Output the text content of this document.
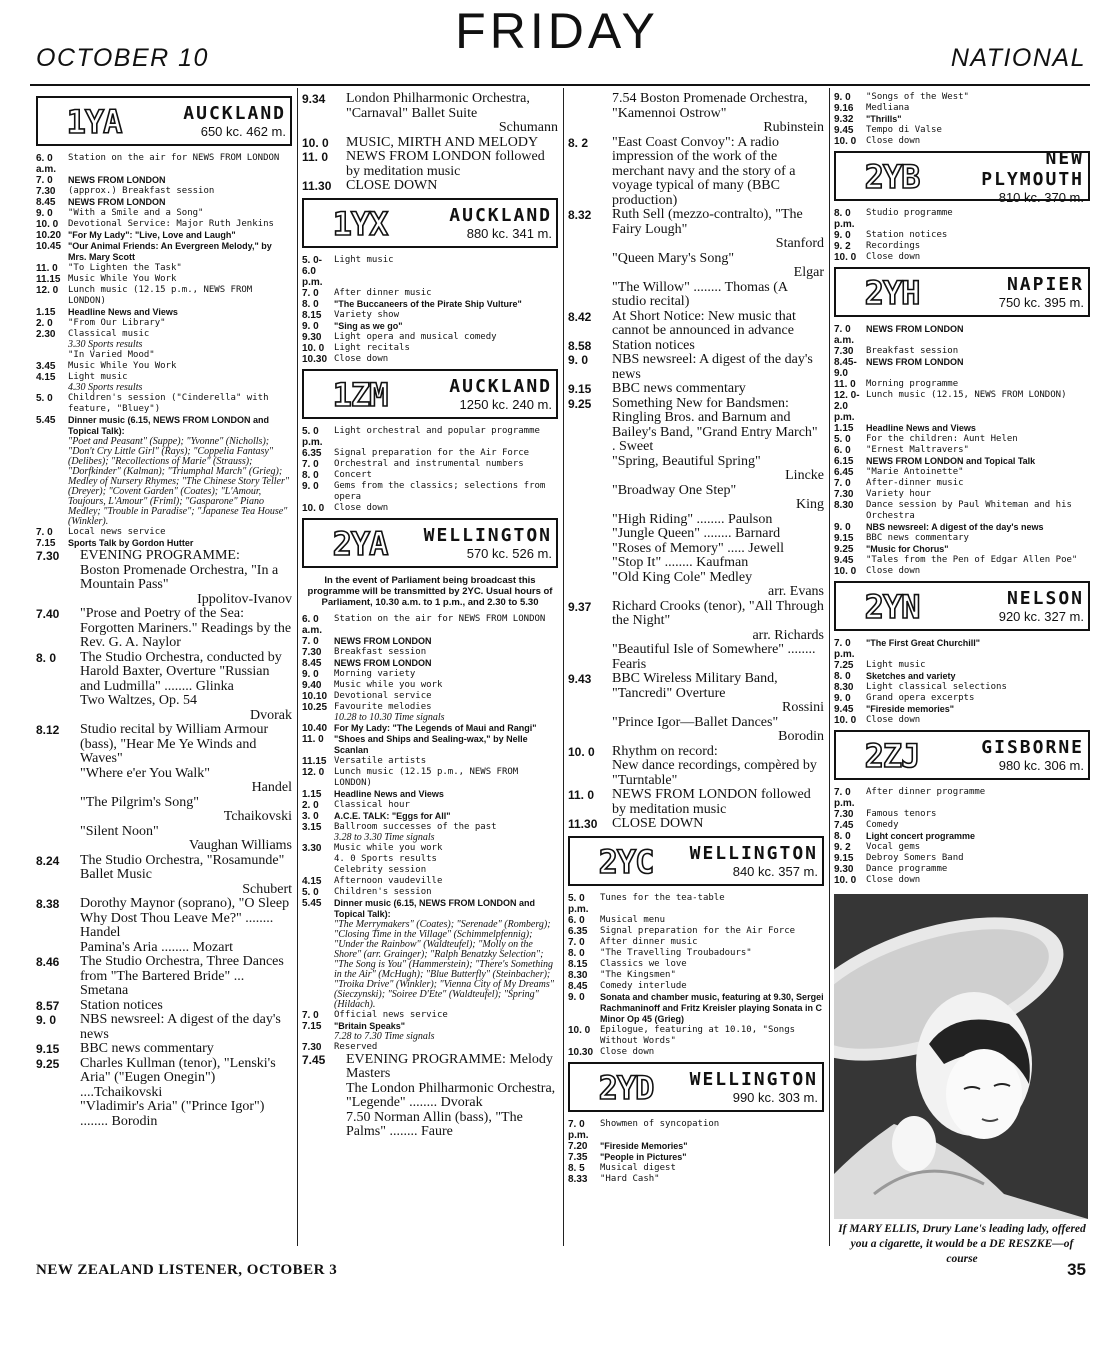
OCTOBER 10	FRIDAY	NATIONAL
1YA	AUCKLAND
650 kc. 462 m.
6. 0 a.m.
Station on the air for NEWS FROM LONDON
7. 0	NEWS FROM LONDON
7.30	(approx.) Breakfast session
8.45	NEWS FROM LONDON
9. 0	"With a Smile and a Song"
10. 0	Devotional Service: Major Ruth Jenkins
10.20 "For My Lady": "Live, Love and Laugh"
10.45 "Our Animal Friends: An Evergreen Melody," by Mrs. Mary Scott
11. 0	"To Lighten the Task"
11.15 Music While You Work
12. 0	Lunch music (12.15 p.m., NEWS FROM LONDON)
1.15	Headline News and Views
2. 0	"From Our Library"
2.30	Classical music
3.30 Sports results
"In Varied Mood"
3.45	Music While You Work
4.15	Light music
4.30 Sports results
5. 0	Children's session ("Cinderella" with feature, "Bluey")
5.45	Dinner music (6.15, NEWS FROM LONDON and Topical Talk):
"Poet and Peasant" (Suppe); "Yvonne" (Nicholls); "Don't Cry Little Girl" (Rays); "Coppelia Fantasy" (Delibes); "Recollections of Marie" (Strauss); "Dorfkinder" (Kalman); "Triumphal March" (Grieg); Medley of Nursery Rhymes; "The Chinese Story Teller" (Dreyer); "Covent Garden" (Coates); "L'Amour, Toujours, L'Amour" (Friml); "Gasparone" Piano Medley; "Trouble in Paradise"; "Japanese Tea House" (Winkler).
7. 0	Local news service
7.15	Sports Talk by Gordon Hutter
7.30	EVENING PROGRAMME:
Boston Promenade Orchestra, "In a Mountain Pass"
Ippolitov-Ivanov
7.40	"Prose and Poetry of the Sea: Forgotten Mariners." Readings by the Rev. G. A. Naylor
8. 0	The Studio Orchestra, conducted by Harold Baxter, Overture "Russian and Ludmilla" ........ Glinka
Two Waltzes, Op. 54
Dvorak
8.12	Studio recital by William Armour (bass), "Hear Me Ye Winds and Waves"
"Where e'er You Walk"
Handel
"The Pilgrim's Song"
Tchaikovski
"Silent Noon"
Vaughan Williams
8.24	The Studio Orchestra, "Rosamunde" Ballet Music
Schubert
8.38	Dorothy Maynor (soprano), "O Sleep Why Dost Thou Leave Me?" ........ Handel
Pamina's Aria ........ Mozart
8.46	The Studio Orchestra, Three Dances from "The Bartered Bride" ... Smetana
8.57	Station notices
9. 0	NBS newsreel: A digest of the day's news
9.15	BBC news commentary
9.25	Charles Kullman (tenor), "Lenski's Aria" ("Eugen Onegin") ....Tchaikovski
"Vladimir's Aria" ("Prince Igor") ........ Borodin
9.34	London Philharmonic Orchestra, "Carnaval" Ballet Suite
Schumann
10. 0	MUSIC, MIRTH AND MELODY
11. 0	NEWS FROM LONDON followed by meditation music
11.30	CLOSE DOWN
1YX	AUCKLAND
880 kc. 341 m.
5. 0-6.0 p.m.
Light music
7. 0	After dinner music
8. 0	"The Buccaneers of the Pirate Ship Vulture"
8.15	Variety show
9. 0	"Sing as we go"
9.30	Light opera and musical comedy
10. 0	Light recitals
10.30 Close down
1ZM	AUCKLAND
1250 kc. 240 m.
5. 0 p.m.
Light orchestral and popular programme
6.35	Signal preparation for the Air Force
7. 0	Orchestral and instrumental numbers
8. 0	Concert
9. 0	Gems from the classics; selections from opera
10. 0	Close down
2YA	WELLINGTON
570 kc. 526 m.
In the event of Parliament being broadcast this programme will be transmitted by 2YC. Usual hours of Parliament, 10.30 a.m. to 1 p.m., and 2.30 to 5.30
6. 0 a.m.
Station on the air for NEWS FROM LONDON
7. 0	NEWS FROM LONDON
7.30	Breakfast session
8.45	NEWS FROM LONDON
9. 0	Morning variety
9.40	Music while you work
10.10 Devotional service
10.25 Favourite melodies
10.28 to 10.30 Time signals
10.40 For My Lady: "The Legends of Maui and Rangi"
11. 0	"Shoes and Ships and Sealing-wax," by Nelle Scanlan
11.15 Versatile artists
12. 0	Lunch music (12.15 p.m., NEWS FROM LONDON)
1.15	Headline News and Views
2. 0	Classical hour
3. 0	A.C.E. TALK: "Eggs for All"
3.15	Ballroom successes of the past
3.28 to 3.30 Time signals
3.30	Music while you work
4. 0 Sports results
Celebrity session
4.15	Afternoon vaudeville
5. 0	Children's session
5.45	Dinner music (6.15, NEWS FROM LONDON and Topical Talk):
"The Merrymakers" (Coates); "Serenade" (Romberg); "Closing Time in the Village" (Schimmelpfennig); "Under the Rainbow" (Waldteufel); "Molly on the Shore" (arr. Grainger); "Ralph Benatzky Selection"; "The Song is You" (Hammerstein); "There's Something in the Air" (McHugh); "Blue Butterfly" (Steinbacher); "Troika Drive" (Winkler); "Vienna City of My Dreams" (Sieczynski); "Soiree D'Ete" (Waldteufel); "Spring" (Hildach).
7. 0	Official news service
7.15	"Britain Speaks"
7.28 to 7.30 Time signals
7.30	Reserved
7.45	EVENING PROGRAMME: Melody Masters
The London Philharmonic Orchestra, "Legende" ........ Dvorak
7.50 Norman Allin (bass), "The Palms" ........ Faure
7.54 Boston Promenade Orchestra, "Kamennoi Ostrow"
Rubinstein
8. 2	"East Coast Convoy": A radio impression of the work of the merchant navy and the story of a voyage typical of many (BBC production)
8.32	Ruth Sell (mezzo-contralto), "The Fairy Lough"
Stanford
"Queen Mary's Song"
Elgar
"The Willow" ........ Thomas (A studio recital)
8.42	At Short Notice: New music that cannot be announced in advance
8.58	Station notices
9. 0	NBS newsreel: A digest of the day's news
9.15	BBC news commentary
9.25	Something New for Bandsmen:
Ringling Bros. and Barnum and Bailey's Band, "Grand Entry March" . Sweet
"Spring, Beautiful Spring"
Lincke
"Broadway One Step"
King
"High Riding" ........ Paulson
"Jungle Queen" ........ Barnard
"Roses of Memory" ..... Jewell
"Stop It" ........ Kaufman
"Old King Cole" Medley
arr. Evans
9.37	Richard Crooks (tenor), "All Through the Night"
arr. Richards
"Beautiful Isle of Somewhere" ........ Fearis
9.43	BBC Wireless Military Band, "Tancredi" Overture
Rossini
"Prince Igor—Ballet Dances"
Borodin
10. 0	Rhythm on record:
New dance recordings, compèred by "Turntable"
11. 0	NEWS FROM LONDON followed by meditation music
11.30	CLOSE DOWN
2YC	WELLINGTON
840 kc. 357 m.
5. 0 p.m.
Tunes for the tea-table
6. 0	Musical menu
6.35	Signal preparation for the Air Force
7. 0	After dinner music
8. 0	"The Travelling Troubadours"
8.15	Classics we love
8.30	"The Kingsmen"
8.45	Comedy interlude
9. 0	Sonata and chamber music, featuring at 9.30, Sergei Rachmaninoff and Fritz Kreisler playing Sonata in C Minor Op 45 (Grieg)
10. 0	Epilogue, featuring at 10.10, "Songs Without Words"
10.30 Close down
2YD	WELLINGTON
990 kc. 303 m.
7. 0 p.m.
Showmen of syncopation
7.20	"Fireside Memories"
7.35	"People in Pictures"
8. 5	Musical digest
8.33	"Hard Cash"
9. 0	"Songs of the West"
9.16	Medliana
9.32	"Thrills"
9.45	Tempo di Valse
10. 0	Close down
2YB	NEW PLYMOUTH
810 kc. 370 m.
8. 0 p.m.
Studio programme
9. 0	Station notices
9. 2	Recordings
10. 0	Close down
2YH	NAPIER
750 kc. 395 m.
7. 0 a.m.
NEWS FROM LONDON
7.30	Breakfast session
8.45-9.0
NEWS FROM LONDON
11. 0	Morning programme
12. 0-2.0 p.m.
Lunch music (12.15, NEWS FROM LONDON)
1.15	Headline News and Views
5. 0	For the children: Aunt Helen
6. 0	"Ernest Maltravers"
6.15	NEWS FROM LONDON and Topical Talk
6.45	"Marie Antoinette"
7. 0	After-dinner music
7.30	Variety hour
8.30	Dance session by Paul Whiteman and his Orchestra
9. 0	NBS newsreel: A digest of the day's news
9.15	BBC news commentary
9.25	"Music for Chorus"
9.45	"Tales from the Pen of Edgar Allen Poe"
10. 0	Close down
2YN	NELSON
920 kc. 327 m.
7. 0 p.m.
"The First Great Churchill"
7.25	Light music
8. 0	Sketches and variety
8.30	Light classical selections
9. 0	Grand opera excerpts
9.45	"Fireside memories"
10. 0	Close down
2ZJ	GISBORNE
980 kc. 306 m.
7. 0 p.m.
After dinner programme
7.30	Famous tenors
7.45	Comedy
8. 0	Light concert programme
9. 2	Vocal gems
9.15	Debroy Somers Band
9.30	Dance programme
10. 0	Close down
If MARY ELLIS, Drury Lane's leading lady, offered you a cigarette, it would be a DE RESZKE—of course
NEW ZEALAND LISTENER, OCTOBER 3	35
